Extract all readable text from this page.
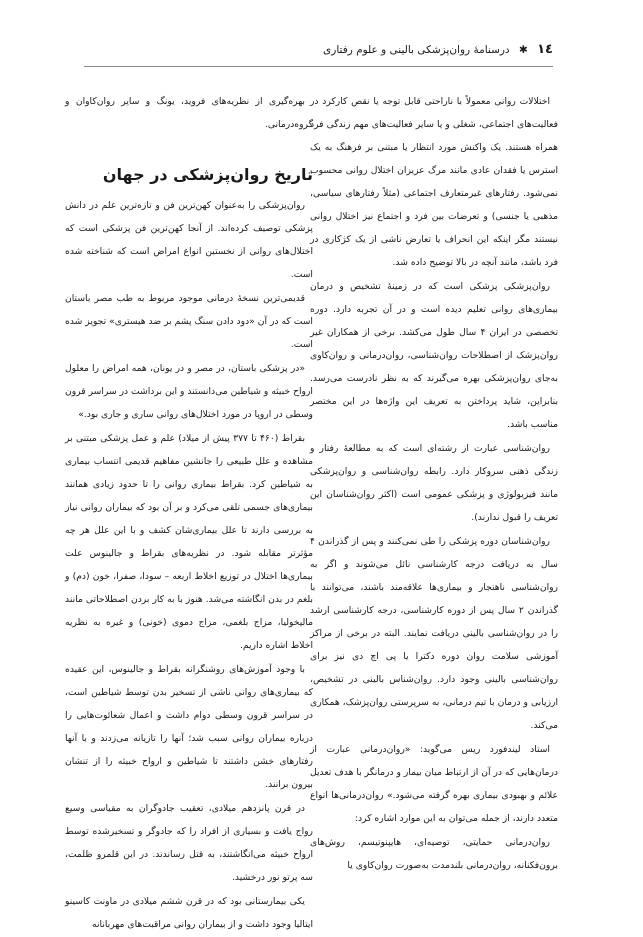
١٤ ✱ درسنامهٔ روان‌پزشکی بالینی و علوم رفتاری

اختلالات روانی معمولاً با ناراحتی قابل توجه یا نقص کارکرد در فعالیت‌های اجتماعی، شغلی و یا سایر فعالیت‌های مهم زندگی فرد همراه هستند. یک واکنش مورد انتظار یا مبتنی بر فرهنگ به یک استرس یا فقدان عادی مانند مرگ عزیزان اختلال روانی محسوب نمی‌شود. رفتارهای غیرمتعارف اجتماعی (مثلاً رفتارهای سیاسی، مذهبی یا جنسی) و تعرضات بین فرد و اجتماع نیز اختلال روانی نیستند مگر اینکه این انحراف یا تعارض ناشی از یک کژکاری در فرد باشد، مانند آنچه در بالا توضیح داده شد.

روان‌پزشکی پزشکی است که در زمینهٔ تشخیص و درمان بیماری‌های روانی تعلیم دیده است و در آن تجربه دارد. دوره تخصصی در ایران ۴ سال طول می‌کشد. برخی از همکاران غیر روان‌پزشک از اصطلاحات روان‌شناسی، روان‌درمانی و روان‌کاوی به‌جای روان‌پزشکی بهره می‌گیرند که به نظر نادرست می‌رسد. بنابراین، شاید پرداختن به تعریف این واژه‌ها در این مختصر مناسب باشد.

روان‌شناسی عبارت از رشته‌ای است که به مطالعهٔ رفتار و زندگی ذهنی سروکار دارد. رابطه روان‌شناسی و روان‌پزشکی مانند فیزیولوژی و پزشکی عمومی است (اکثر روان‌شناسان این تعریف را قبول ندارند).

روان‌شناسان دوره پزشکی را طی نمی‌کنند و پس از گذراندن ۴ سال به دریافت درجه کارشناسی نائل می‌شوند و اگر به روان‌شناسی ناهنجار و بیماری‌ها علاقه‌مند باشند، می‌توانند با گذراندن ۲ سال پس از دوره کارشناسی، درجه کارشناسی ارشد را در روان‌شناسی بالینی دریافت نمایند. البته در برخی از مراکز آموزشی سلامت روان دوره دکترا یا پی اچ دی نیز برای روان‌شناسی بالینی وجود دارد. روان‌شناس بالینی در تشخیص، ارزیابی و درمان با تیم درمانی، به سرپرستی روان‌پزشک، همکاری می‌کند.

استاد لیندفورد ریس می‌گوید: «روان‌درمانی عبارت از درمان‌هایی که در آن از ارتباط میان بیمار و درمانگر با هدف تعدیل علائم و بهبودی بیماری بهره گرفته می‌شود.» روان‌درمانی‌ها انواع متعدد دارند، از جمله می‌توان به این موارد اشاره کرد:

روان‌درمانی حمایتی، توصیه‌ای، هایپنوتیسم، روش‌های برون‌فکنانه، روان‌درمانی بلندمدت به‌صورت روان‌کاوی یا

بهره‌گیری از نظریه‌های فروید، یونگ و سایر روان‌کاوان و گروه‌درمانی.

تاریخ روان‌پزشکی در جهان

روان‌پزشکی را به‌عنوان کهن‌ترین فن و تازه‌ترین علم در دانش پزشکی توصیف کرده‌اند. از آنجا کهن‌ترین فن پزشکی است که اختلال‌های روانی از نخستین انواع امراض است که شناخته شده است.

قدیمی‌ترین نسخهٔ درمانی موجود مربوط به طب مصر باستان است که در آن «دود دادن سنگ پشم بر ضد هیستری» تجویز شده است.

«در پزشکی باستان، در مصر و در یونان، همه امراض را معلول ارواح خبیثه و شیاطین می‌دانستند و این برداشت در سراسر قرون وسطی در اروپا در مورد اختلال‌های روانی ساری و جاری بود.»

بقراط (۴۶۰ تا ۳۷۷ پیش از میلاد) علم و عمل پزشکی مبتنی بر مشاهده و علل طبیعی را جانشین مفاهیم قدیمی انتساب بیماری به شیاطین کرد. بقراط بیماری روانی را تا حدود زیادی همانند بیماری‌های جسمی تلقی می‌کرد و بر آن بود که بیماران روانی نیاز به بررسی دارند تا علل بیماری‌شان کشف و با این علل هر چه مؤثرتر مقابله شود. در نظریه‌های بقراط و جالینوس علت بیماری‌ها اختلال در توزیع اخلاط اربعه – سودا، صفرا، خون (دم) و بلغم در بدن انگاشته می‌شد. هنوز با به کار بردن اصطلاحاتی مانند مالیخولیا، مزاج بلغمی، مزاج دموی (خونی) و غیره به نظریه اخلاط اشاره داریم.

با وجود آموزش‌های روشنگرانه بقراط و جالینوس، این عقیده که بیماری‌های روانی ناشی از تسخیر بدن توسط شیاطین است، در سراسر قرون وسطی دوام داشت و اعمال شعائوت‌هایی را درباره بیماران روانی سبب شد؛ آنها را تازیانه می‌زدند و با آنها رفتارهای خشن داشتند تا شیاطین و ارواح خبیثه را از تنشان بیرون برانند.

در قرن پانزدهم میلادی، تعقیب جادوگران به مقیاسی وسیع رواج یافت و بسیاری از افراد را که جادوگر و تسخیرشده توسط ارواح خبیثه می‌انگاشتند، به قتل رساندند. در این قلمرو ظلمت، سه پرتو نور درخشید.

یکی بیمارستانی بود که در قرن ششم میلادی در ماونت کاسینو ایتالیا وجود داشت و از بیماران روانی مراقبت‌های مهربانانه
